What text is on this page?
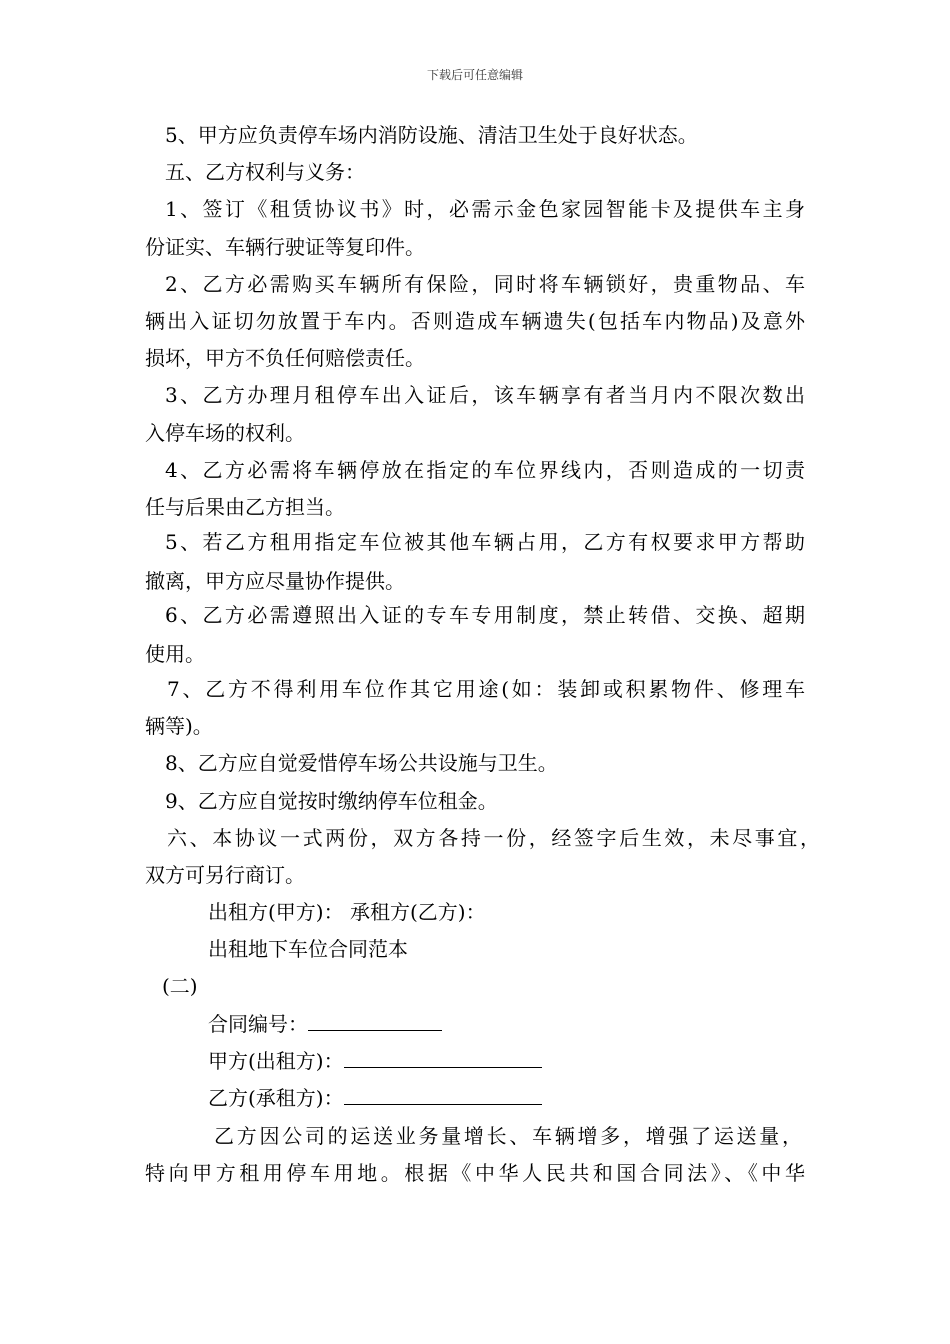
下载后可任意编辑
5、甲方应负责停车场内消防设施、清洁卫生处于良好状态。
五、乙方权利与义务：
1、签订《租赁协议书》时，必需示金色家园智能卡及提供车主身
份证实、车辆行驶证等复印件。
2、乙方必需购买车辆所有保险，同时将车辆锁好，贵重物品、车
辆出入证切勿放置于车内。否则造成车辆遗失(包括车内物品)及意外
损坏，甲方不负任何赔偿责任。
3、乙方办理月租停车出入证后，该车辆享有者当月内不限次数出
入停车场的权利。
4、乙方必需将车辆停放在指定的车位界线内，否则造成的一切责
任与后果由乙方担当。
5、若乙方租用指定车位被其他车辆占用，乙方有权要求甲方帮助
撤离，甲方应尽量协作提供。
6、乙方必需遵照出入证的专车专用制度，禁止转借、交换、超期
使用。
7、乙方不得利用车位作其它用途(如：装卸或积累物件、修理车
辆等)。
8、乙方应自觉爱惜停车场公共设施与卫生。
9、乙方应自觉按时缴纳停车位租金。
六、本协议一式两份，双方各持一份，经签字后生效，未尽事宜，
双方可另行商订。
出租方(甲方)： 承租方(乙方)：
出租地下车位合同范本
(二)
合同编号：
甲方(出租方)：
乙方(承租方)：
乙方因公司的运送业务量增长、车辆增多，增强了运送量，
特向甲方租用停车用地。根据《中华人民共和国合同法》、《中华
